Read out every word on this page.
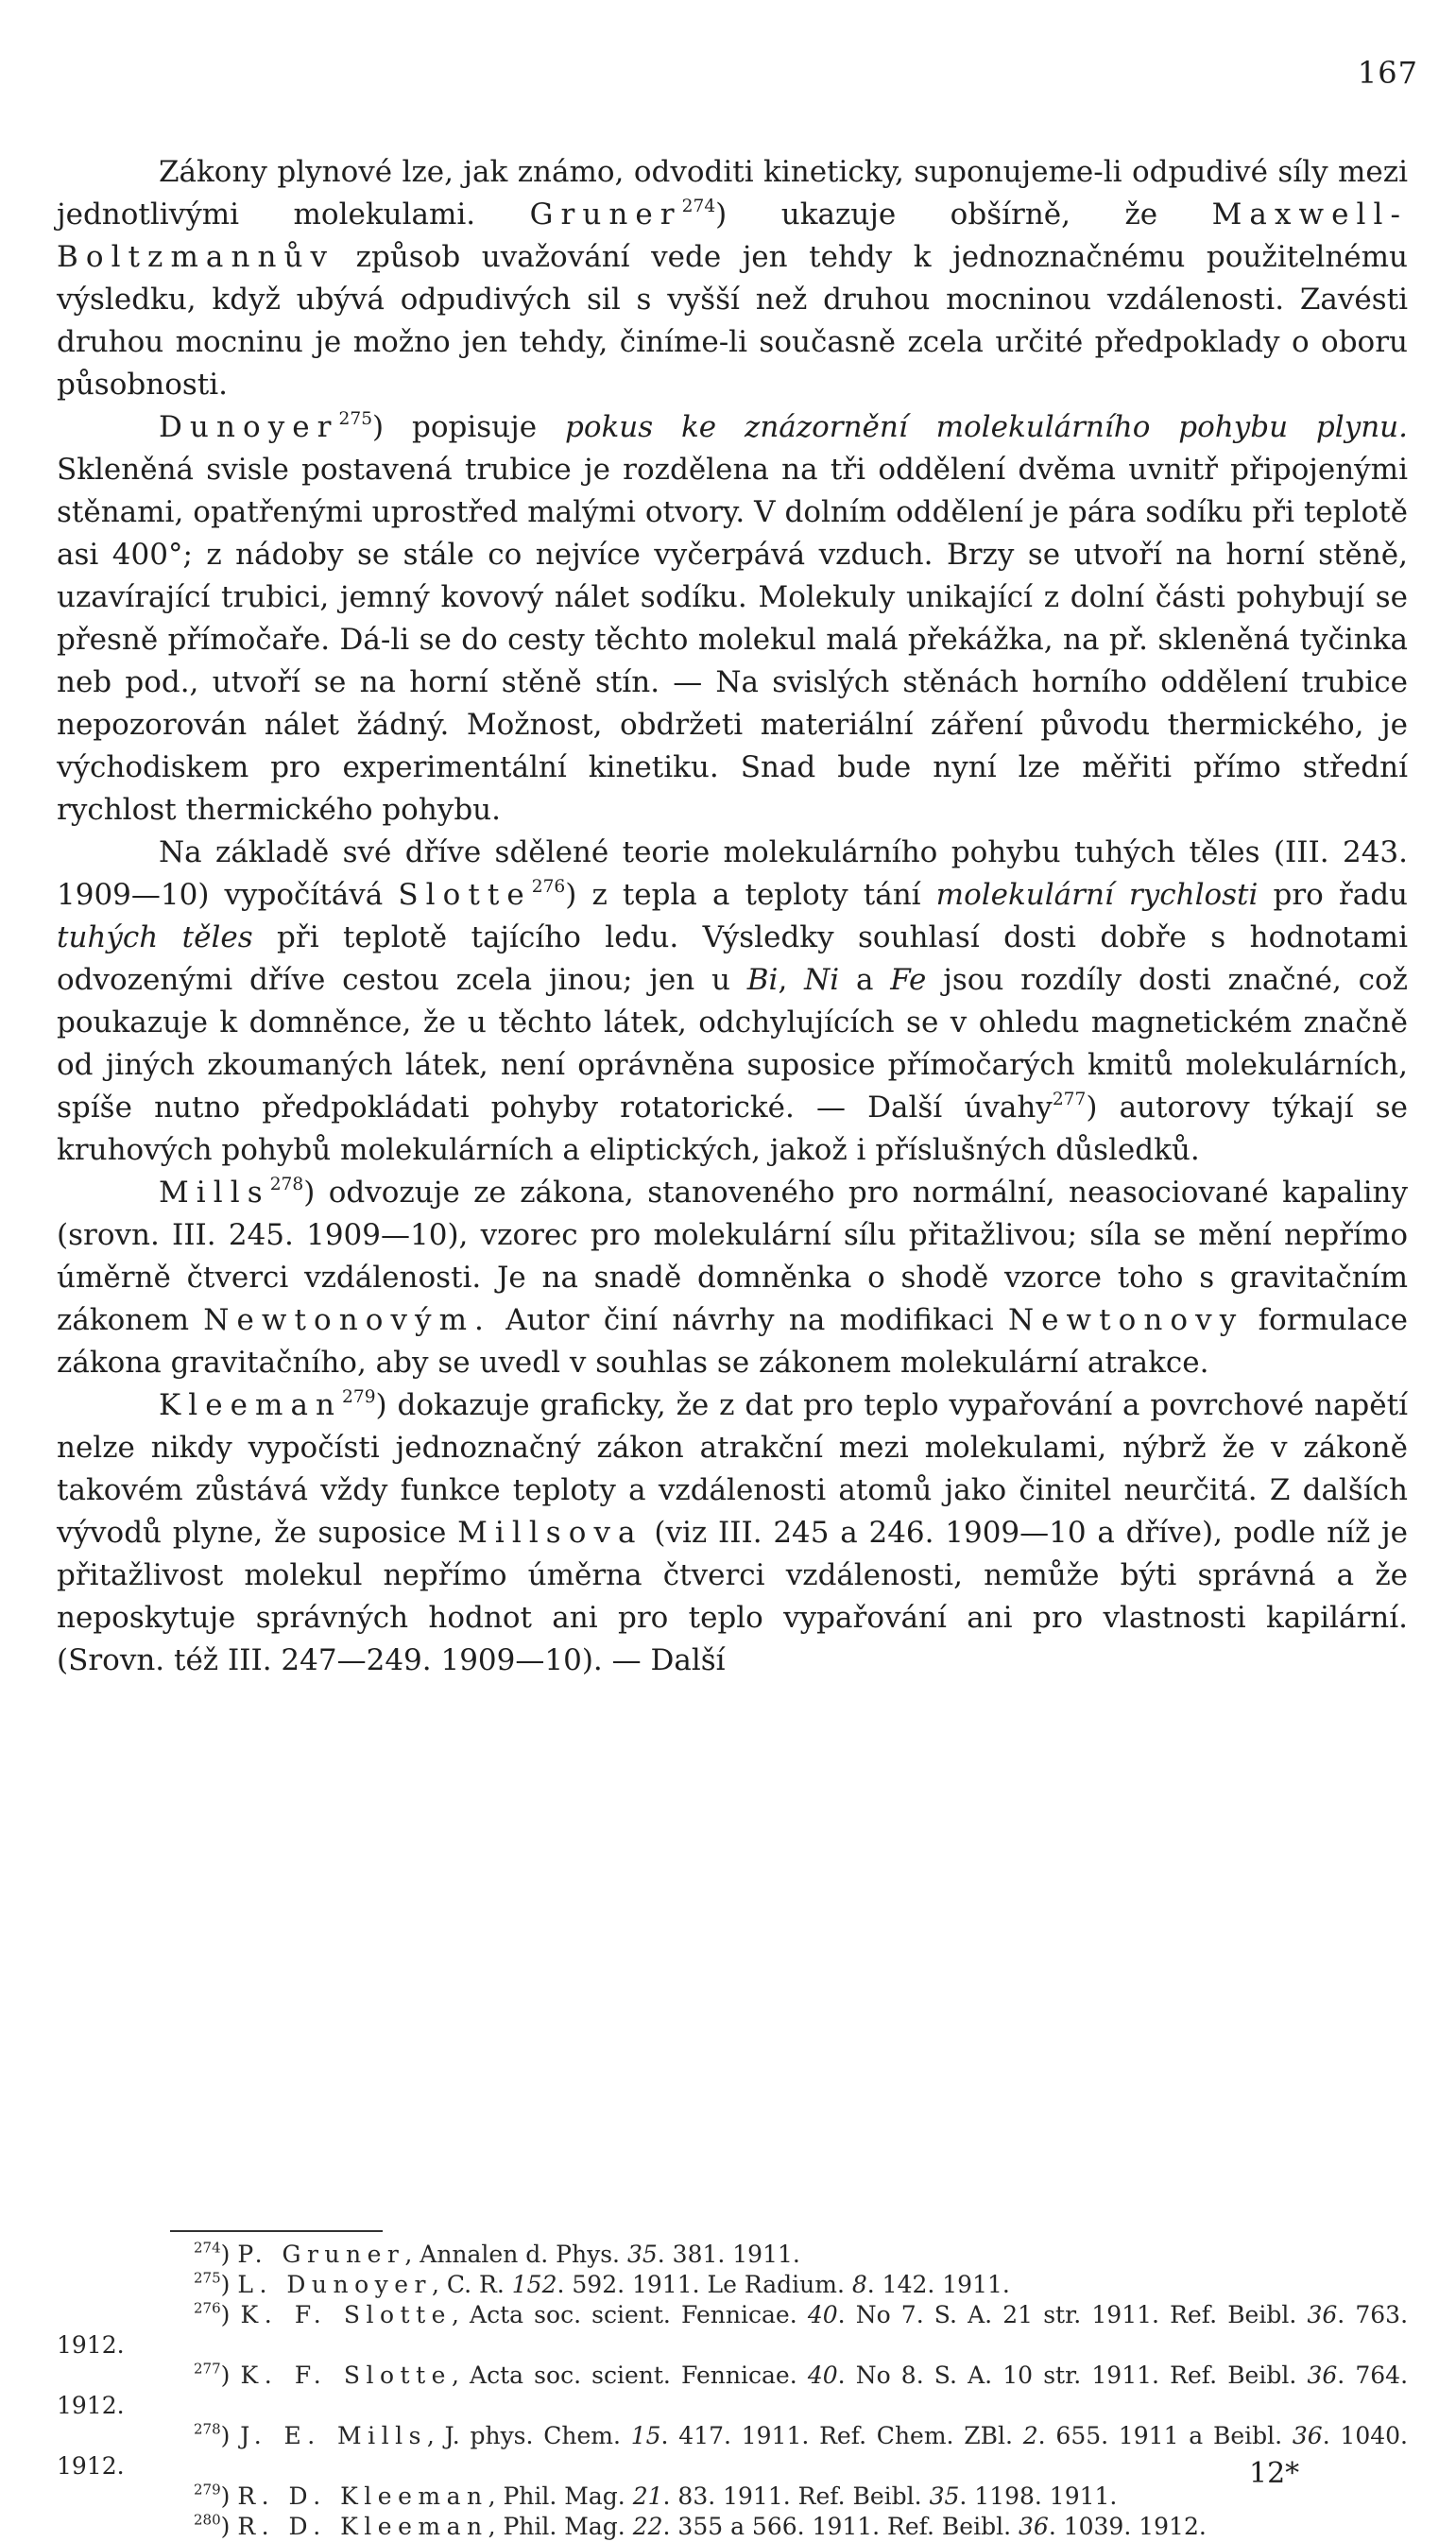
167

Zákony plynové lze, jak známo, odvoditi kineticky, suponujeme-li odpudivé síly mezi jednotlivými molekulami. Gruner$^{274}$) ukazuje obšírně, že Maxwell-Boltzmannův způsob uvažování vede jen tehdy k jednoznačnému použitelnému výsledku, když ubývá odpudivých sil s vyšší než druhou mocninou vzdálenosti. Zavésti druhou mocninu je možno jen tehdy, činíme-li současně zcela určité předpoklady o oboru působnosti.

Dunoyer$^{275}$) popisuje pokus ke znázornění molekulárního pohybu plynu. Skleněná svisle postavená trubice je rozdělena na tři oddělení dvěma uvnitř připojenými stěnami, opatřenými uprostřed malými otvory. V dolním oddělení je pára sodíku při teplotě asi 400°; z nádoby se stále co nejvíce vyčerpává vzduch. Brzy se utvoří na horní stěně, uzavírající trubici, jemný kovový nálet sodíku. Molekuly unikající z dolní části pohybují se přesně přímočaře. Dá-li se do cesty těchto molekul malá překážka, na př. skleněná tyčinka neb pod., utvoří se na horní stěně stín. — Na svislých stěnách horního oddělení trubice nepozorován nálet žádný. Možnost, obdržeti materiální záření původu thermického, je východiskem pro experimentální kinetiku. Snad bude nyní lze měřiti přímo střední rychlost thermického pohybu.

Na základě své dříve sdělené teorie molekulárního pohybu tuhých těles (III. 243. 1909—10) vypočítává Slotte$^{276}$) z tepla a teploty tání molekulární rychlosti pro řadu tuhých těles při teplotě tajícího ledu. Výsledky souhlasí dosti dobře s hodnotami odvozenými dříve cestou zcela jinou; jen u Bi, Ni a Fe jsou rozdíly dosti značné, což poukazuje k domněnce, že u těchto látek, odchylujících se v ohledu magnetickém značně od jiných zkoumaných látek, není oprávněna suposice přímočarých kmitů molekulárních, spíše nutno předpokládati pohyby rotatorické. — Další úvahy$^{277}$) autorovy týkají se kruhových pohybů molekulárních a eliptických, jakož i příslušných důsledků.

Mills$^{278}$) odvozuje ze zákona, stanoveného pro normální, neasociované kapaliny (srovn. III. 245. 1909—10), vzorec pro molekulární sílu přitažlivou; síla se mění nepřímo úměrně čtverci vzdálenosti. Je na snadě domněnka o shodě vzorce toho s gravitačním zákonem Newtonovým. Autor činí návrhy na modifikaci Newtonovy formulace zákona gravitačního, aby se uvedl v souhlas se zákonem molekulární atrakce.

Kleeman$^{279}$) dokazuje graficky, že z dat pro teplo vypařování a povrchové napětí nelze nikdy vypočísti jednoznačný zákon atrakční mezi molekulami, nýbrž že v zákoně takovém zůstává vždy funkce teploty a vzdálenosti atomů jako činitel neurčitá. Z dalších vývodů plyne, že suposice Millsova (viz III. 245 a 246. 1909—10 a dříve), podle níž je přitažlivost molekul nepřímo úměrna čtverci vzdálenosti, nemůže býti správná a že neposkytuje správných hodnot ani pro teplo vypařování ani pro vlastnosti kapilární. (Srovn. též III. 247—249. 1909—10). — Další

$^{274}$) P. Gruner, Annalen d. Phys. 35. 381. 1911.

$^{275}$) L. Dunoyer, C. R. 152. 592. 1911. Le Radium. 8. 142. 1911.

$^{276}$) K. F. Slotte, Acta soc. scient. Fennicae. 40. No 7. S. A. 21 str. 1911. Ref. Beibl. 36. 763. 1912.

$^{277}$) K. F. Slotte, Acta soc. scient. Fennicae. 40. No 8. S. A. 10 str. 1911. Ref. Beibl. 36. 764. 1912.

$^{278}$) J. E. Mills, J. phys. Chem. 15. 417. 1911. Ref. Chem. ZBl. 2. 655. 1911 a Beibl. 36. 1040. 1912.

$^{279}$) R. D. Kleeman, Phil. Mag. 21. 83. 1911. Ref. Beibl. 35. 1198. 1911.

$^{280}$) R. D. Kleeman, Phil. Mag. 22. 355 a 566. 1911. Ref. Beibl. 36. 1039. 1912.

12*
